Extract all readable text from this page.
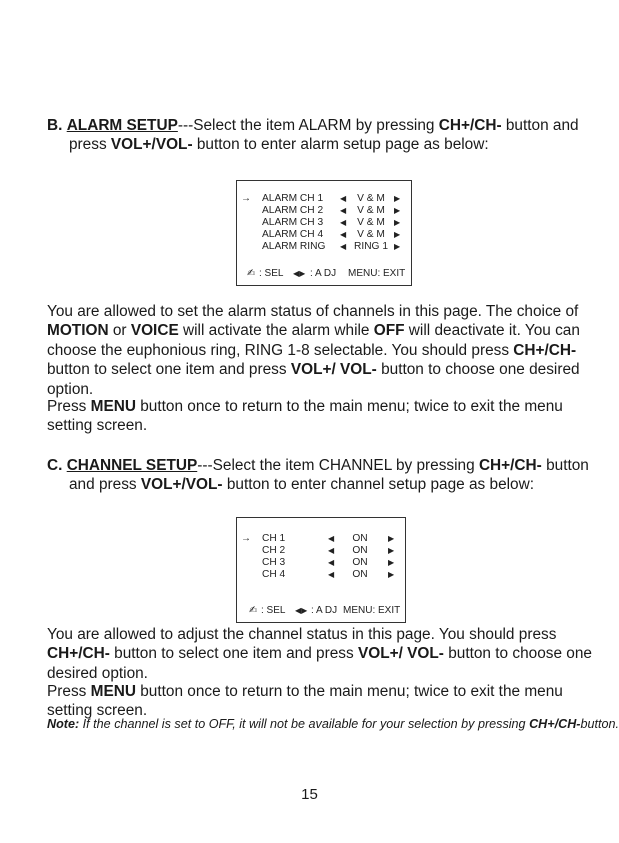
B. ALARM SETUP---Select the item ALARM by pressing CH+/CH- button and press VOL+/VOL- button to enter alarm setup page as below:

→ ALARM CH 1 ◀	V & M	▶
ALARM CH 2 ◀	V & M	▶
ALARM CH 3 ◀	V & M	▶
ALARM CH 4 ◀	V & M	▶
ALARM RING ◀ RING 1 ▶
✍ : SEL ◀▶ : A DJ MENU: EXIT

You are allowed to set the alarm status of channels in this page. The choice of MOTION or VOICE will activate the alarm while OFF will deactivate it. You can choose the euphonious ring, RING 1-8 selectable. You should press CH+/CH- button to select one item and press VOL+/ VOL- button to choose one desired option.

Press MENU button once to return to the main menu; twice to exit the menu setting screen.

C. CHANNEL SETUP---Select the item CHANNEL by pressing CH+/CH- button and press VOL+/VOL- button to enter channel setup page as below:

→ CH 1	◀	ON	▶
CH 2	◀	ON	▶
CH 3	◀	ON	▶
CH 4	◀	ON	▶
✍ : SEL ◀▶ : A DJ MENU: EXIT

You are allowed to adjust the channel status in this page. You should press CH+/CH- button to select one item and press VOL+/ VOL- button to choose one desired option.

Press MENU button once to return to the main menu; twice to exit the menu setting screen.

Note: If the channel is set to OFF, it will not be available for your selection by pressing CH+/CH-button.
15
